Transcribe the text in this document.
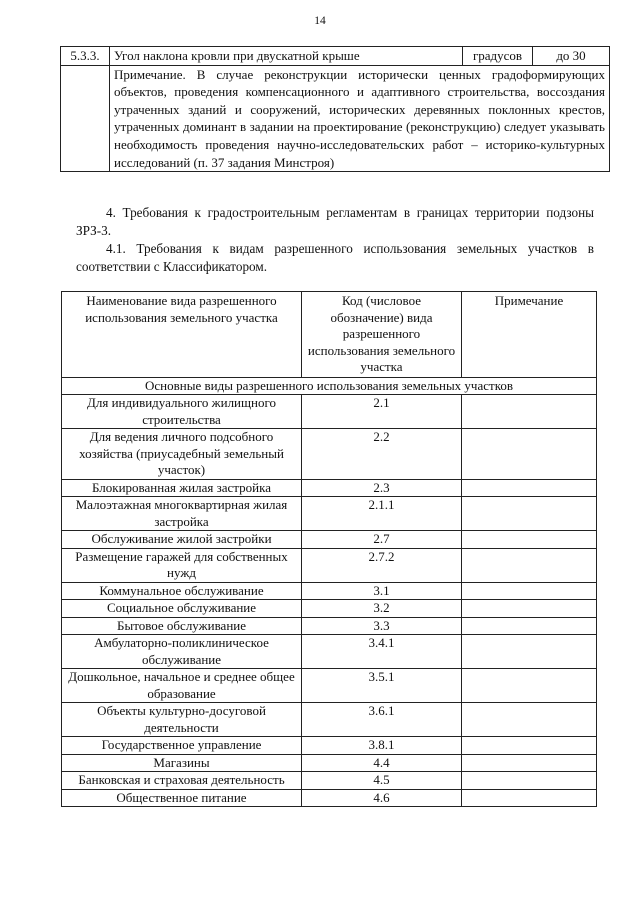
14
5.3.3.	Угол наклона кровли при двускатной крыше	градусов	до 30
	Примечание. В случае реконструкции исторически ценных градоформирующих объектов, проведения компенсационного и адаптивного строительства, воссоздания утраченных зданий и сооружений, исторических деревянных поклонных крестов, утраченных доминант в задании на проектирование (реконструкцию) следует указывать необходимость проведения научно-исследовательских работ – историко-культурных исследований (п. 37 задания Минстроя)		
4. Требования к градостроительным регламентам в границах территории подзоны ЗРЗ-3.
4.1. Требования к видам разрешенного использования земельных участков в соответствии с Классификатором.
Наименование вида разрешенного использования земельного участка	Код (числовое обозначение) вида разрешенного использования земельного участка	Примечание
Основные виды разрешенного использования земельных участков		
Для индивидуального жилищного строительства	2.1	
Для ведения личного подсобного хозяйства (приусадебный земельный участок)	2.2	
Блокированная жилая застройка	2.3	
Малоэтажная многоквартирная жилая застройка	2.1.1	
Обслуживание жилой застройки	2.7	
Размещение гаражей для собственных нужд	2.7.2	
Коммунальное обслуживание	3.1	
Социальное обслуживание	3.2	
Бытовое обслуживание	3.3	
Амбулаторно-поликлиническое обслуживание	3.4.1	
Дошкольное, начальное и среднее общее образование	3.5.1	
Объекты культурно-досуговой деятельности	3.6.1	
Государственное управление	3.8.1	
Магазины	4.4	
Банковская и страховая деятельность	4.5	
Общественное питание	4.6	
